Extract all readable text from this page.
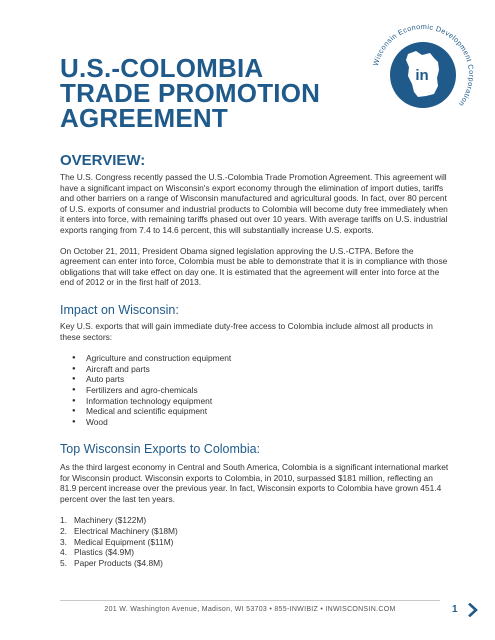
U.S.-COLOMBIA
TRADE PROMOTION
AGREEMENT
Wisconsin Economic Development Corporation
in
OVERVIEW:

The U.S. Congress recently passed the U.S.-Colombia Trade Promotion Agreement. This agreement will have a significant impact on Wisconsin's export economy through the elimination of import duties, tariffs and other barriers on a range of Wisconsin manufactured and agricultural goods. In fact, over 80 percent of U.S. exports of consumer and industrial products to Colombia will become duty free immediately when it enters into force, with remaining tariffs phased out over 10 years. With average tariffs on U.S. industrial exports ranging from 7.4 to 14.6 percent, this will substantially increase U.S. exports.

On October 21, 2011, President Obama signed legislation approving the U.S.-CTPA. Before the agreement can enter into force, Colombia must be able to demonstrate that it is in compliance with those obligations that will take effect on day one. It is estimated that the agreement will enter into force at the end of 2012 or in the first half of 2013.

Impact on Wisconsin:

Key U.S. exports that will gain immediate duty-free access to Colombia include almost all products in these sectors:

● Agriculture and construction equipment
● Aircraft and parts
● Auto parts
● Fertilizers and agro-chemicals
● Information technology equipment
● Medical and scientific equipment
● Wood
Top Wisconsin Exports to Colombia:

As the third largest economy in Central and South America, Colombia is a significant international market for Wisconsin product. Wisconsin exports to Colombia, in 2010, surpassed $181 million, reflecting an 81.9 percent increase over the previous year. In fact, Wisconsin exports to Colombia have grown 451.4 percent over the last ten years.

1. Machinery ($122M)
2. Electrical Machinery ($18M)
3. Medical Equipment ($11M)
4. Plastics ($4.9M)
5. Paper Products ($4.8M)
201 W. Washington Avenue, Madison, WI 53703 • 855-INWIBIZ • INWISCONSIN.COM	1
